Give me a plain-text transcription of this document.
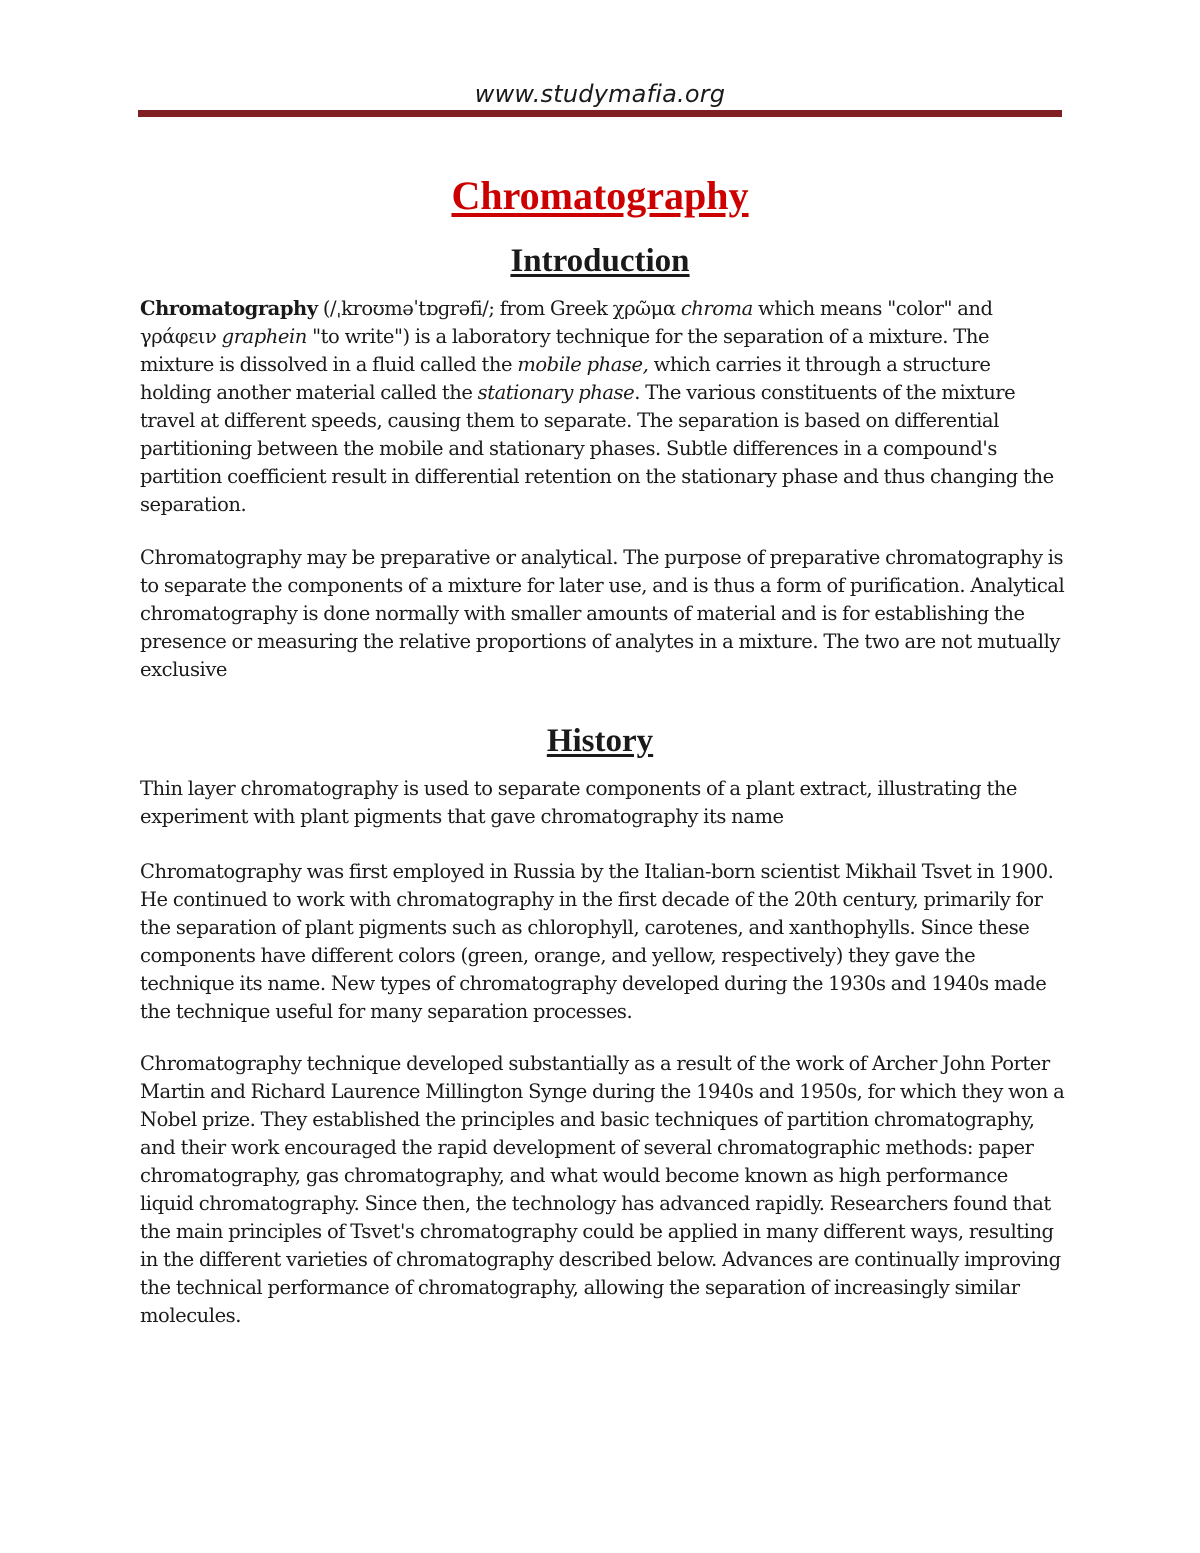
www.studymafia.org
Chromatography
Introduction

Chromatography (/ˌkroʊməˈtɒɡrəfi/; from Greek χρῶμα chroma which means "color" and γράφειν graphein "to write") is a laboratory technique for the separation of a mixture. The mixture is dissolved in a fluid called the mobile phase, which carries it through a structure holding another material called the stationary phase. The various constituents of the mixture travel at different speeds, causing them to separate. The separation is based on differential partitioning between the mobile and stationary phases. Subtle differences in a compound's partition coefficient result in differential retention on the stationary phase and thus changing the separation.

Chromatography may be preparative or analytical. The purpose of preparative chromatography is to separate the components of a mixture for later use, and is thus a form of purification. Analytical chromatography is done normally with smaller amounts of material and is for establishing the presence or measuring the relative proportions of analytes in a mixture. The two are not mutually exclusive

History

Thin layer chromatography is used to separate components of a plant extract, illustrating the experiment with plant pigments that gave chromatography its name

Chromatography was first employed in Russia by the Italian-born scientist Mikhail Tsvet in 1900. He continued to work with chromatography in the first decade of the 20th century, primarily for the separation of plant pigments such as chlorophyll, carotenes, and xanthophylls. Since these components have different colors (green, orange, and yellow, respectively) they gave the technique its name. New types of chromatography developed during the 1930s and 1940s made the technique useful for many separation processes.

Chromatography technique developed substantially as a result of the work of Archer John Porter Martin and Richard Laurence Millington Synge during the 1940s and 1950s, for which they won a Nobel prize. They established the principles and basic techniques of partition chromatography, and their work encouraged the rapid development of several chromatographic methods: paper chromatography, gas chromatography, and what would become known as high performance liquid chromatography. Since then, the technology has advanced rapidly. Researchers found that the main principles of Tsvet's chromatography could be applied in many different ways, resulting in the different varieties of chromatography described below. Advances are continually improving the technical performance of chromatography, allowing the separation of increasingly similar molecules.
